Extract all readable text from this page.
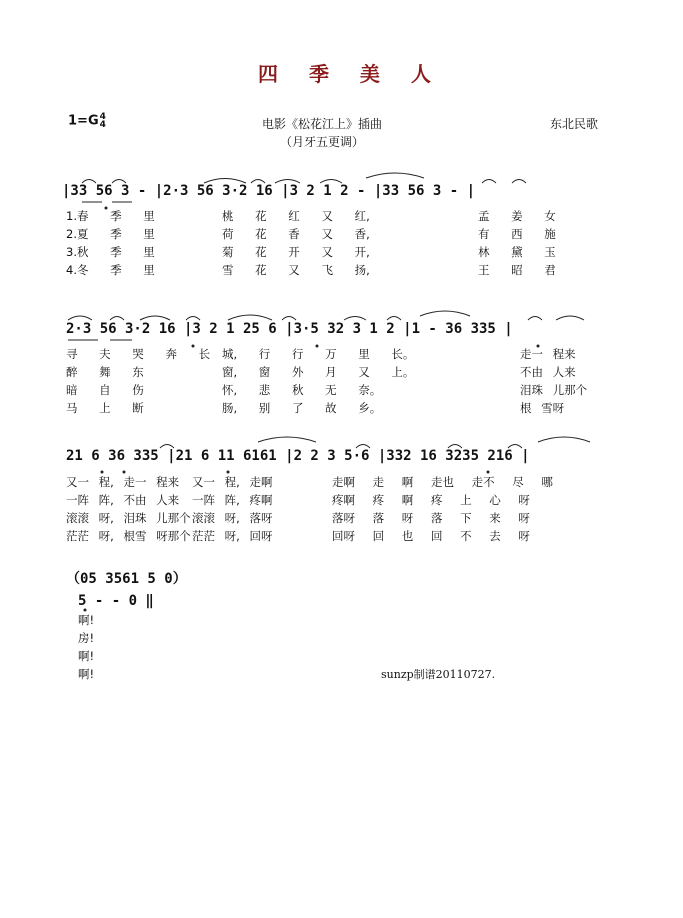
四 季 美 人
1=G4
4	电影《松花江上》插曲	东北民歌
（月牙五更调）
|33 56 3 - |2·3 56 3·2 16 |3 2 1 2 - |33 56 3 - |
1.春 季 里	桃 花 红 又 红,	孟 姜 女
2.夏 季 里	荷 花 香 又 香,	有 西 施
3.秋 季 里	菊 花 开 又 开,	林 黛 玉
4.冬 季 里	雪 花 又 飞 扬,	王 昭 君
2·3 56 3·2 16 |3 2 1 25 6 |3·5 32 3 1 2 |1 - 36 335 |
寻 夫 哭 奔 长 城, 行 行 万 里 长。	走一 程来
醉 舞 东	窗, 窗 外 月 又 上。	不由 人来
暗 自 伤	怀, 悲 秋 无 奈。	泪珠 儿那个
马 上 断	肠, 别 了 故 乡。	根 雪呀
21 6 36 335 |21 6 11 6161 |2 2 3 5·6 |332 16 3235 216 |
又一 程, 走一 程来 又一 程, 走啊	走啊 走 啊 走也 走不 尽 哪
一阵 阵, 不由 人来 一阵 阵, 疼啊	疼啊 疼 啊 疼 上 心 呀
滚滚 呀, 泪珠 儿那个 滚滚 呀, 落呀	落呀 落 呀 落 下 来 呀
茫茫 呀, 根雪 呀那个 茫茫 呀, 回呀	回呀 回 也 回 不 去 呀
（05 3561 5 0）
5 - - 0 ‖
啊!
房!
啊!
啊!	sunzp制谱20110727.
